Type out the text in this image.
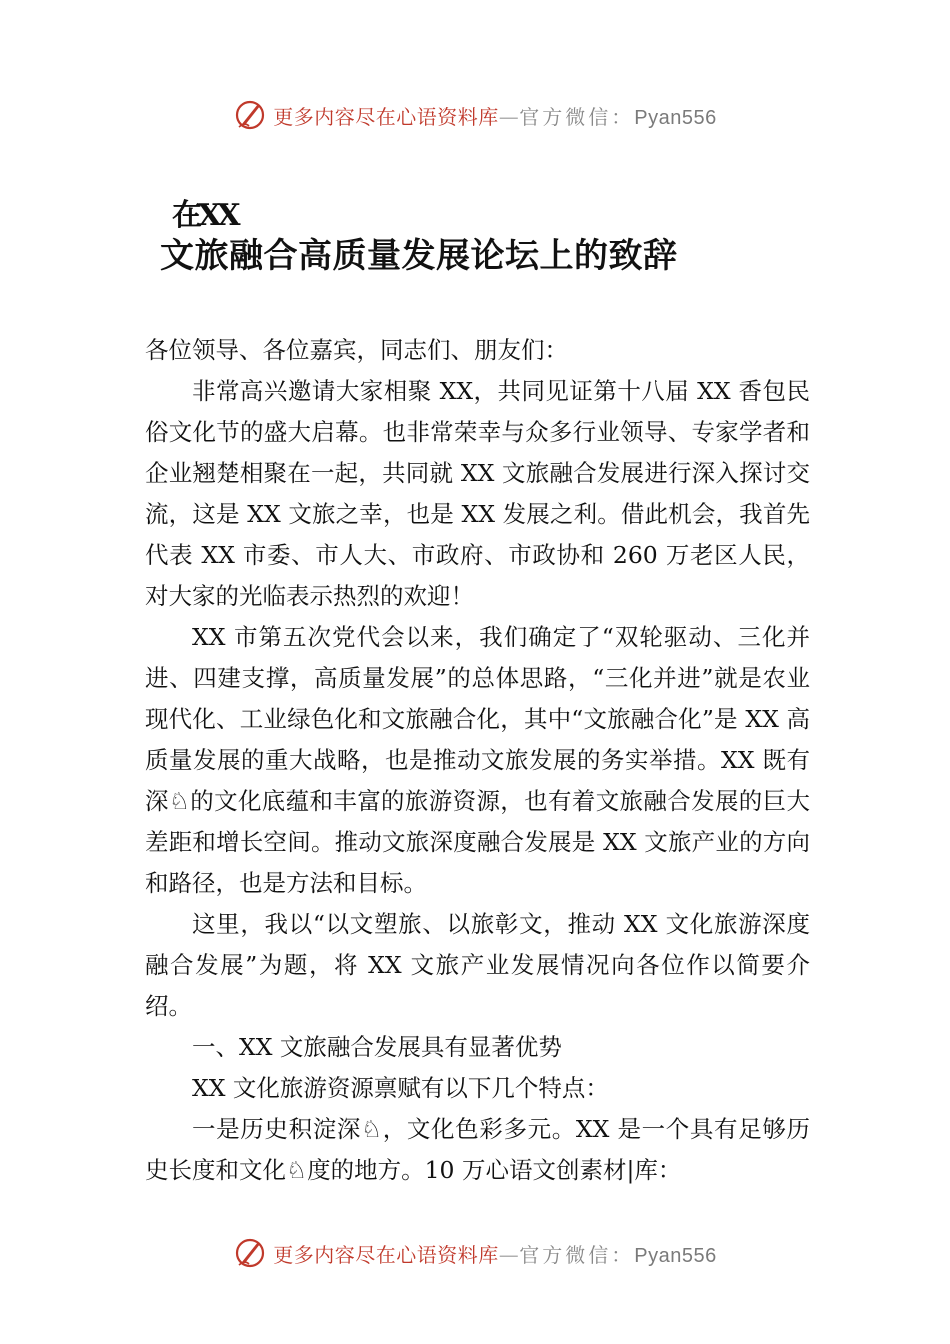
更多内容尽在心语资料库—官方微信：Pyan556
在XX
文旅融合高质量发展论坛上的致辞

各位领导、各位嘉宾，同志们、朋友们：

非常高兴邀请大家相聚 XX，共同见证第十八届 XX 香包民俗文化节的盛大启幕。也非常荣幸与众多行业领导、专家学者和企业翘楚相聚在一起，共同就 XX 文旅融合发展进行深入探讨交流，这是 XX 文旅之幸，也是 XX 发展之利。借此机会，我首先代表 XX 市委、市人大、市政府、市政协和 260 万老区人民，对大家的光临表示热烈的欢迎！

XX 市第五次党代会以来，我们确定了“双轮驱动、三化并进、四建支撑，高质量发展”的总体思路，“三化并进”就是农业现代化、工业绿色化和文旅融合化，其中“文旅融合化”是 XX 高质量发展的重大战略，也是推动文旅发展的务实举措。XX 既有深♘的文化底蕴和丰富的旅游资源，也有着文旅融合发展的巨大差距和增长空间。推动文旅深度融合发展是 XX 文旅产业的方向和路径，也是方法和目标。

这里，我以“以文塑旅、以旅彰文，推动 XX 文化旅游深度融合发展”为题，将 XX 文旅产业发展情况向各位作以简要介绍。

一、XX 文旅融合发展具有显著优势

XX 文化旅游资源禀赋有以下几个特点：

一是历史积淀深♘，文化色彩多元。XX 是一个具有足够历史长度和文化♘度的地方。10 万心语文创素材|库：

更多内容尽在心语资料库—官方微信：Pyan556
